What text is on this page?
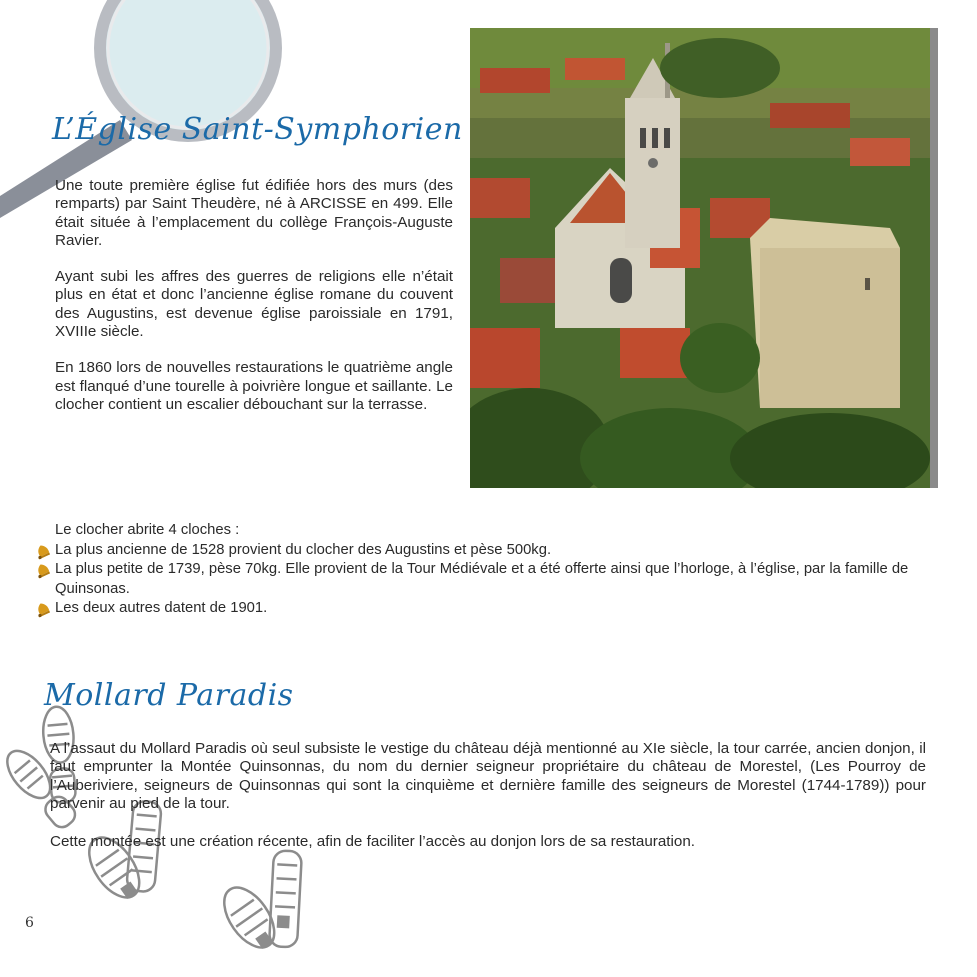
L’Église Saint-Symphorien

Une toute première église fut édifiée hors des murs (des remparts) par Saint Theudère, né à ARCISSE en 499. Elle était située à l’emplacement du collège François-Auguste Ravier.

Ayant subi les affres des guerres de religions elle n’était plus en état et donc l’ancienne église romane du couvent des Augustins, est devenue église paroissiale en 1791, XVIIIe siècle.

En 1860 lors de nouvelles restaurations le quatrième angle est flanqué d’une tourelle à poivrière longue et saillante. Le clocher contient un escalier débouchant sur la terrasse.

Le clocher abrite 4 cloches :
La plus ancienne de 1528 provient du clocher des Augustins et pèse 500kg.
La plus petite de 1739, pèse 70kg. Elle provient de la Tour Médiévale et a été offerte ainsi que l’horloge, à l’église, par la famille de Quinsonas.
Les deux autres datent de 1901.
Mollard Paradis

A l’assaut du Mollard Paradis où seul subsiste le vestige du château déjà mentionné au XIe siècle, la tour carrée, ancien donjon, il faut emprunter la Montée Quinsonnas, du nom du dernier seigneur propriétaire du château de Morestel, (Les Pourroy de l’Auberiviere, seigneurs de Quinsonnas qui sont la cinquième et dernière famille des seigneurs de Morestel (1744-1789)) pour parvenir au pied de la tour.

Cette montée est une création récente, afin de faciliter l’accès au donjon lors de sa restauration.

6
